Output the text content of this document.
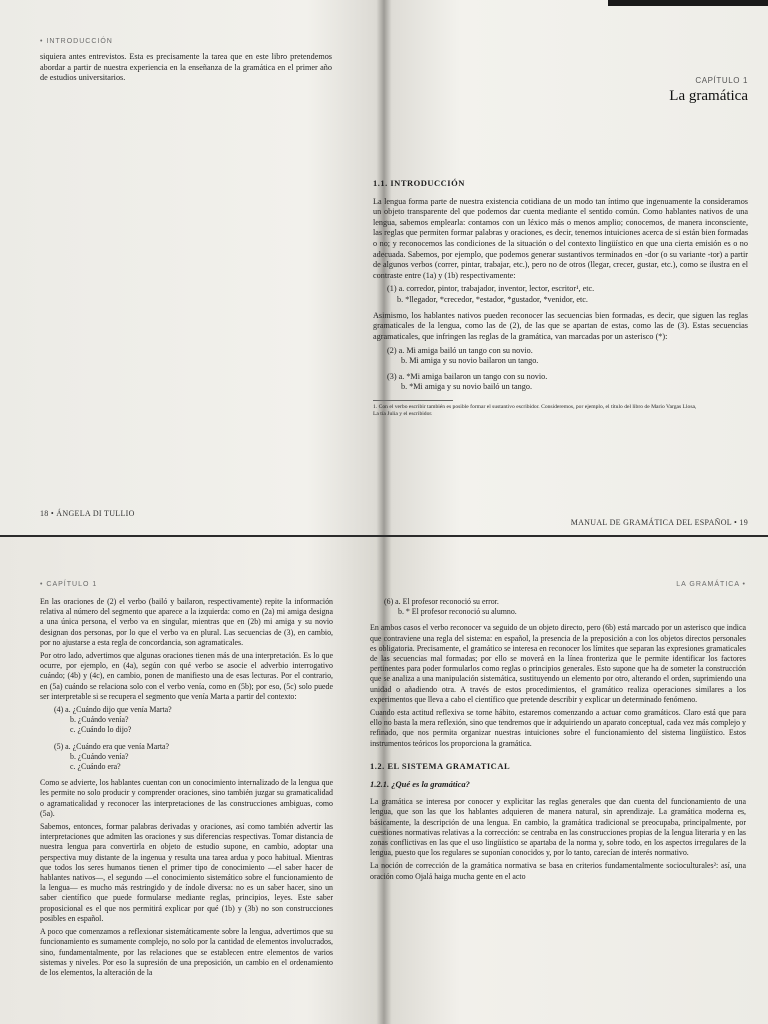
• INTRODUCCIÓN

siquiera antes entrevistos. Esta es precisamente la tarea que en este libro pretendemos abordar a partir de nuestra experiencia en la enseñanza de la gramática en el primer año de estudios universitarios.

18 • ÁNGELA DI TULLIO
CAPÍTULO 1
La gramática
1.1. INTRODUCCIÓN

La lengua forma parte de nuestra existencia cotidiana de un modo tan íntimo que ingenuamente la consideramos un objeto transparente del que podemos dar cuenta mediante el sentido común. Como hablantes nativos de una lengua, sabemos emplearla: contamos con un léxico más o menos amplio; conocemos, de manera inconsciente, las reglas que permiten formar palabras y oraciones, es decir, tenemos intuiciones acerca de si están bien formadas o no; y reconocemos las condiciones de la situación o del contexto lingüístico en que una cierta emisión es o no adecuada. Sabemos, por ejemplo, que podemos generar sustantivos terminados en -dor (o su variante -tor) a partir de algunos verbos (correr, pintar, trabajar, etc.), pero no de otros (llegar, crecer, gustar, etc.), como se ilustra en el contraste entre (1a) y (1b) respectivamente:

(1) a. corredor, pintor, trabajador, inventor, lector, escritor¹, etc.
b. *llegador, *crecedor, *estador, *gustador, *venidor, etc.

Asimismo, los hablantes nativos pueden reconocer las secuencias bien formadas, es decir, que siguen las reglas gramaticales de la lengua, como las de (2), de las que se apartan de estas, como las de (3). Estas secuencias agramaticales, que infringen las reglas de la gramática, van marcadas por un asterisco (*):

(2) a. Mi amiga bailó un tango con su novio.
b. Mi amiga y su novio bailaron un tango.
(3) a. *Mi amiga bailaron un tango con su novio.
b. *Mi amiga y su novio bailó un tango.
1. Con el verbo escribir también es posible formar el sustantivo escribidor. Consideremos, por ejemplo, el título del libro de Mario Vargas Llosa, La tía Julia y el escribidor.
MANUAL DE GRAMÁTICA DEL ESPAÑOL • 19
• CAPÍTULO 1

En las oraciones de (2) el verbo (bailó y bailaron, respectivamente) repite la información relativa al número del segmento que aparece a la izquierda: como en (2a) mi amiga designa a una única persona, el verbo va en singular, mientras que en (2b) mi amiga y su novio designan dos personas, por lo que el verbo va en plural. Las secuencias de (3), en cambio, por no ajustarse a esta regla de concordancia, son agramaticales.

Por otro lado, advertimos que algunas oraciones tienen más de una interpretación. Es lo que ocurre, por ejemplo, en (4a), según con qué verbo se asocie el adverbio interrogativo cuándo; (4b) y (4c), en cambio, ponen de manifiesto una de esas lecturas. Por el contrario, en (5a) cuándo se relaciona solo con el verbo venía, como en (5b); por eso, (5c) solo puede ser interpretable si se recupera el segmento que venía Marta a partir del contexto:

(4) a. ¿Cuándo dijo que venía Marta?
b. ¿Cuándo venía?
c. ¿Cuándo lo dijo?
(5) a. ¿Cuándo era que venía Marta?
b. ¿Cuándo venía?
c. ¿Cuándo era?

Como se advierte, los hablantes cuentan con un conocimiento internalizado de la lengua que les permite no solo producir y comprender oraciones, sino también juzgar su gramaticalidad o agramaticalidad y reconocer las interpretaciones de las construcciones ambiguas, como (5a).

Sabemos, entonces, formar palabras derivadas y oraciones, así como también advertir las interpretaciones que admiten las oraciones y sus diferencias respectivas. Tomar distancia de nuestra lengua para convertirla en objeto de estudio supone, en cambio, adoptar una perspectiva muy distante de la ingenua y resulta una tarea ardua y poco habitual. Mientras que todos los seres humanos tienen el primer tipo de conocimiento —el saber hacer de hablantes nativos—, el segundo —el conocimiento sistemático sobre el funcionamiento de la lengua— es mucho más restringido y de índole diversa: no es un saber hacer, sino un saber científico que puede formularse mediante reglas, principios, leyes. Este saber proposicional es el que nos permitirá explicar por qué (1b) y (3b) no son construcciones posibles en español.

A poco que comenzamos a reflexionar sistemáticamente sobre la lengua, advertimos que su funcionamiento es sumamente complejo, no solo por la cantidad de elementos involucrados, sino, fundamentalmente, por las relaciones que se establecen entre elementos de varios sistemas y niveles. Por eso la supresión de una preposición, un cambio en el ordenamiento de los elementos, la alteración de la

LA GRAMÁTICA •
(6) a. El profesor reconoció su error.
b. * El profesor reconoció su alumno.

En ambos casos el verbo reconocer va seguido de un objeto directo, pero (6b) está marcado por un asterisco que indica que contraviene una regla del sistema: en español, la presencia de la preposición a con los objetos directos personales es obligatoria. Precisamente, el gramático se interesa en reconocer los límites que separan las expresiones gramaticales de las secuencias mal formadas; por ello se moverá en la línea fronteriza que le permite identificar los factores pertinentes para poder formularlos como reglas o principios generales. Esto supone que ha de someter la construcción que se analiza a una manipulación sistemática, sustituyendo un elemento por otro, alterando el orden, suprimiendo una unidad o añadiendo otra. A través de estos procedimientos, el gramático realiza operaciones similares a los experimentos que lleva a cabo el científico que pretende describir y explicar un determinado fenómeno.

Cuando esta actitud reflexiva se torne hábito, estaremos comenzando a actuar como gramáticos. Claro está que para ello no basta la mera reflexión, sino que tendremos que ir adquiriendo un aparato conceptual, cada vez más complejo y refinado, que nos permita organizar nuestras intuiciones sobre el funcionamiento del sistema lingüístico. Estos instrumentos teóricos los proporciona la gramática.

1.2. EL SISTEMA GRAMATICAL
1.2.1. ¿Qué es la gramática?

La gramática se interesa por conocer y explicitar las reglas generales que dan cuenta del funcionamiento de una lengua, que son las que los hablantes adquieren de manera natural, sin aprendizaje. La gramática moderna es, básicamente, la descripción de una lengua. En cambio, la gramática tradicional se preocupaba, principalmente, por cuestiones normativas relativas a la corrección: se centraba en las construcciones propias de la lengua literaria y en las zonas conflictivas en las que el uso lingüístico se apartaba de la norma y, sobre todo, en los aspectos irregulares de la lengua, puesto que los regulares se suponían conocidos y, por lo tanto, carecían de interés normativo.

La noción de corrección de la gramática normativa se basa en criterios fundamentalmente socioculturales²: así, una oración como Ojalá haiga mucha gente en el acto
